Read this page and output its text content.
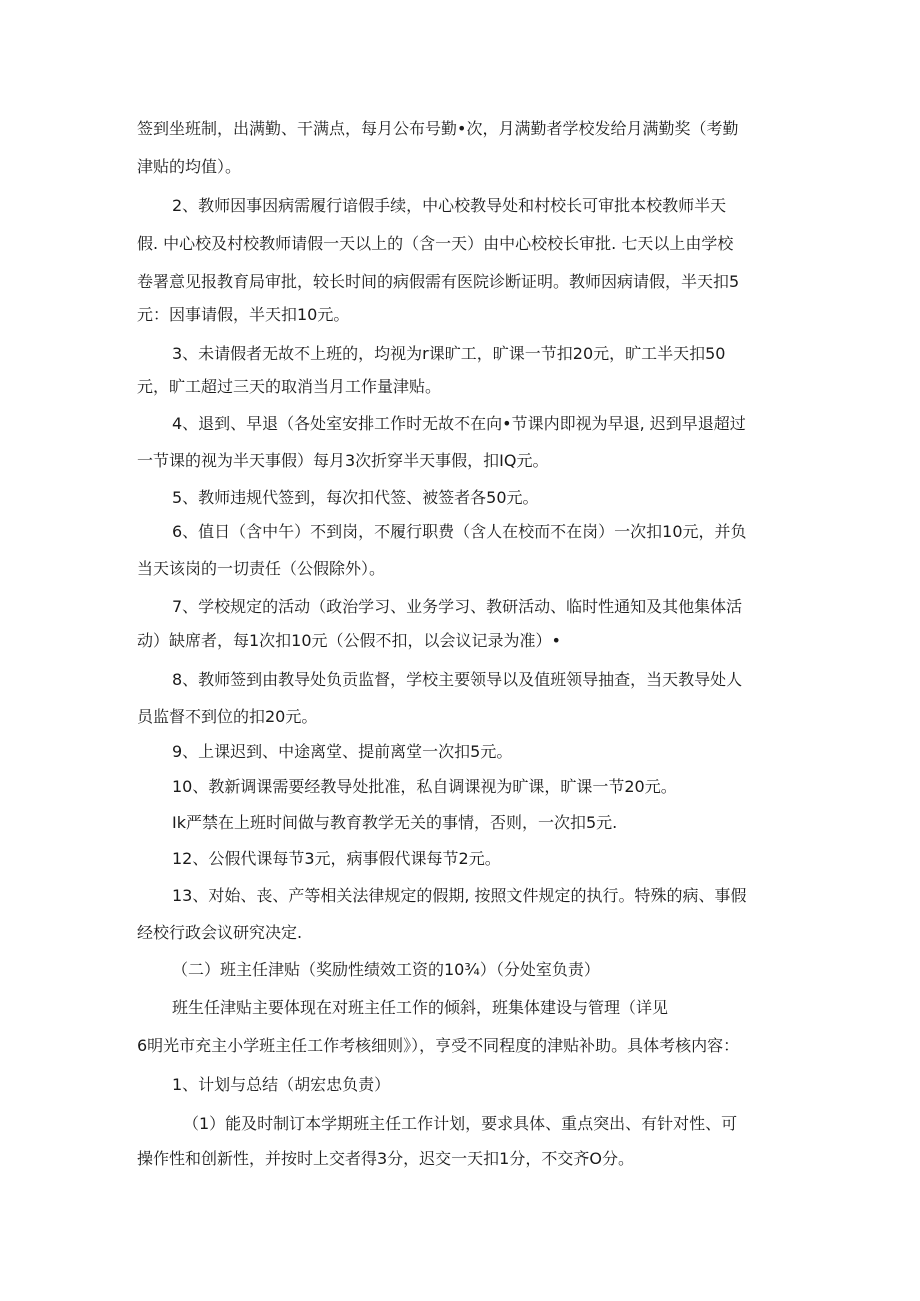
签到坐班制，出满勤、干满点，每月公布号勤•次，月满勤者学校发给月满勤奖（考勤
津贴的均值）。
2、教师因事因病需履行谙假手续，中心校教导处和村校长可审批本校教师半天
假. 中心校及村校教师请假一天以上的（含一天）由中心校校长审批. 七天以上由学校
卷署意见报教育局审批，较长时间的病假需有医院诊断证明。教师因病请假，半天扣5
元：因事请假，半天扣10元。
3、未请假者无故不上班的，均视为r课旷工，旷课一节扣20元，旷工半天扣50
元，旷工超过三天的取消当月工作量津贴。
4、退到、早退（各处室安排工作时无故不在向•节课内即视为早退, 迟到早退超过
一节课的视为半天事假）每月3次折穿半天事假，扣IQ元。
5、教师违规代签到，每次扣代签、被签者各50元。
6、值日（含中午）不到岗，不履行职费（含人在校而不在岗）一次扣10元，并负
当天该岗的一切责任（公假除外）。
7、学校规定的活动（政治学习、业务学习、教研活动、临时性通知及其他集体活
动）缺席者，每1次扣10元（公假不扣，以会议记录为准）•
8、教师签到由教导处负贡监督，学校主要领导以及值班领导抽查，当天教导处人
员监督不到位的扣20元。
9、上课迟到、中途离堂、提前离堂一次扣5元。
10、教新调课需要经教导处批准，私自调课视为旷课，旷课一节20元。
Ik严禁在上班时间做与教育教学无关的事情，否则，一次扣5元.
12、公假代课每节3元，病事假代课每节2元。
13、对始、丧、产等相关法律规定的假期, 按照文件规定的执行。特殊的病、事假
经校行政会议研究决定.
（二）班主任津贴（奖励性绩效工资的10¾）（分处室负责）
班生任津贴主要体现在对班主任工作的倾斜，班集体建设与管理（详见
6明光市充主小学班主任工作考核细则》），亨受不同程度的津贴补助。具体考核内容：
1、计划与总结（胡宏忠负责）
（1）能及时制订本学期班主任工作计划，要求具体、重点突出、有针对性、可
操作性和创新性，并按时上交者得3分，迟交一天扣1分，不交齐O分。
